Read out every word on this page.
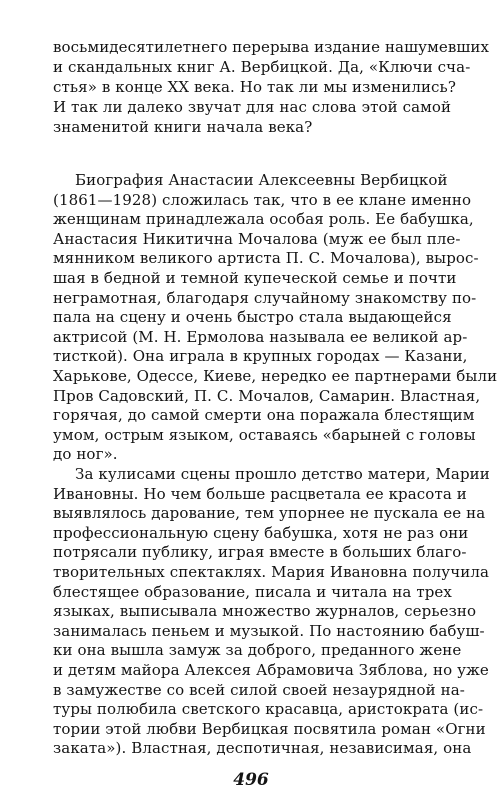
восьмидесятилетнего перерыва издание нашумевших
и скандальных книг А. Вербицкой. Да, «Ключи сча-
стья» в конце XX века. Но так ли мы изменились?
И так ли далеко звучат для нас слова этой самой
знаменитой книги начала века?
Биография Анастасии Алексеевны Вербицкой
(1861—1928) сложилась так, что в ее клане именно
женщинам принадлежала особая роль. Ее бабушка,
Анастасия Никитична Мочалова (муж ее был пле-
мянником великого артиста П. С. Мочалова), вырос-
шая в бедной и темной купеческой семье и почти
неграмотная, благодаря случайному знакомству по-
пала на сцену и очень быстро стала выдающейся
актрисой (М. Н. Ермолова называла ее великой ар-
тисткой). Она играла в крупных городах — Казани,
Харькове, Одессе, Киеве, нередко ее партнерами были
Пров Садовский, П. С. Мочалов, Самарин. Властная,
горячая, до самой смерти она поражала блестящим
умом, острым языком, оставаясь «барыней с головы
до ног».
За кулисами сцены прошло детство матери, Марии
Ивановны. Но чем больше расцветала ее красота и
выявлялось дарование, тем упорнее не пускала ее на
профессиональную сцену бабушка, хотя не раз они
потрясали публику, играя вместе в больших благо-
творительных спектаклях. Мария Ивановна получила
блестящее образование, писала и читала на трех
языках, выписывала множество журналов, серьезно
занималась пеньем и музыкой. По настоянию бабуш-
ки она вышла замуж за доброго, преданного жене
и детям майора Алексея Абрамовича Зяблова, но уже
в замужестве со всей силой своей незаурядной на-
туры полюбила светского красавца, аристократа (ис-
тории этой любви Вербицкая посвятила роман «Огни
заката»). Властная, деспотичная, независимая, она
496
